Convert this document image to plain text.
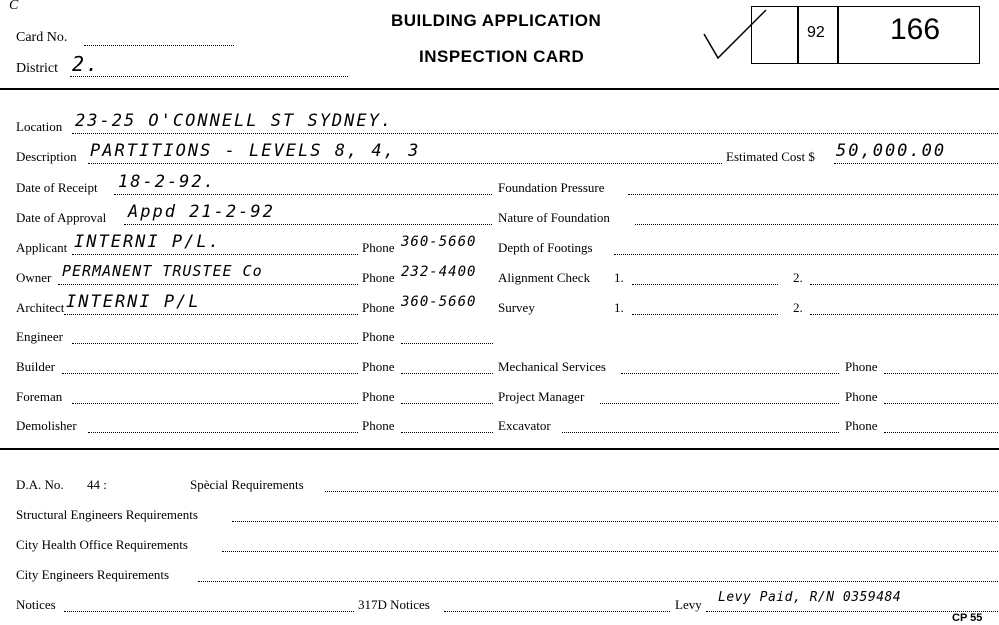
C
Card No.
District 2.
BUILDING APPLICATION
INSPECTION CARD
92 166
Location 23-25 O'CONNELL ST SYDNEY.
Description PARTITIONS - LEVELS 8, 4, 3	Estimated Cost $ 50,000.00
Date of Receipt 18-2-92.
Date of Approval Appd 21-2-92
Applicant INTERNI P/L.	Phone 360-5660
Owner PERMANENT TRUSTEE Co	Phone 232-4400
Architect INTERNI P/L	Phone 360-5660
Engineer	Phone
Builder	Phone
Foreman	Phone
Demolisher	Phone
Foundation Pressure
Nature of Foundation
Depth of Footings
Alignment Check 1.	2.
Survey	1.	2.
Mechanical Services	Phone
Project Manager	Phone
Excavator	Phone
D.A. No. 44 :	Spècial Requirements
Structural Engineers Requirements
City Health Office Requirements
City Engineers Requirements
Notices	317D Notices	Levy Levy Paid, R/N 0359484
CP 55
